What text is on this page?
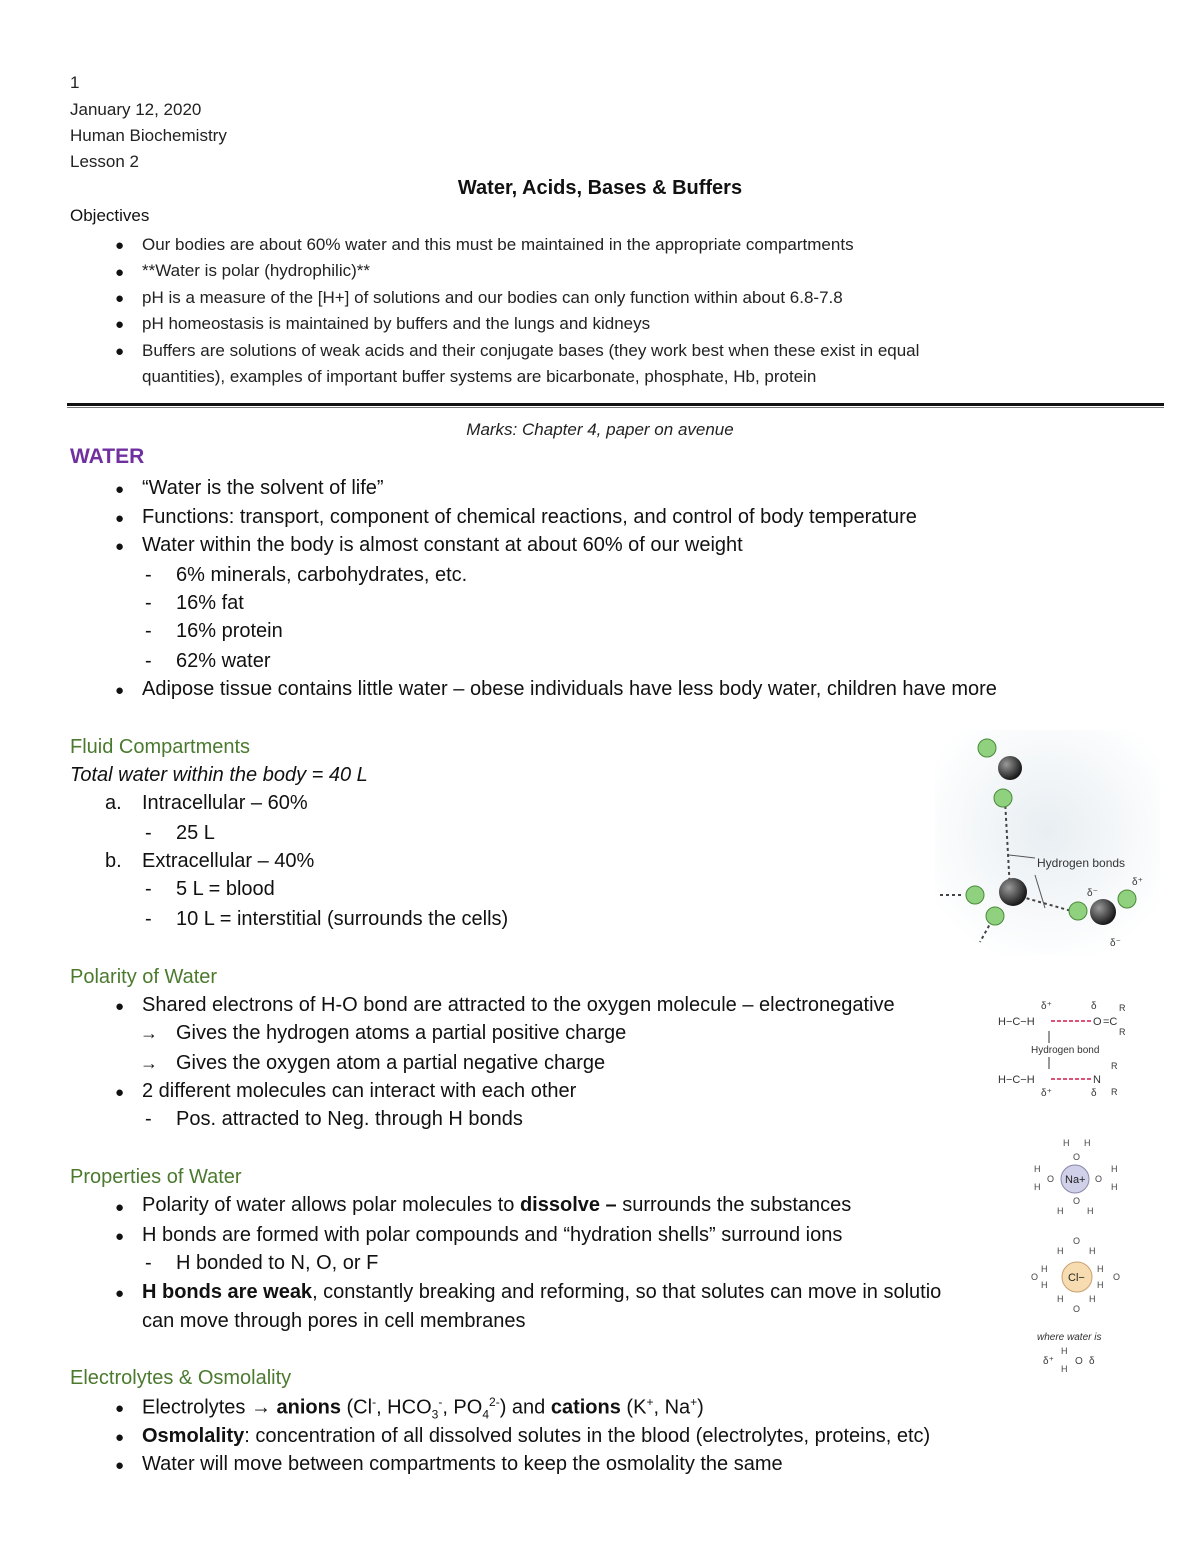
1
January 12, 2020
Human Biochemistry
Lesson 2
Water, Acids, Bases & Buffers
Objectives
●	Our bodies are about 60% water and this must be maintained in the appropriate compartments
●	**Water is polar (hydrophilic)**
●	pH is a measure of the [H+] of solutions and our bodies can only function within about 6.8-7.8
●	pH homeostasis is maintained by buffers and the lungs and kidneys
●	Buffers are solutions of weak acids and their conjugate bases (they work best when these exist in equal
quantities), examples of important buffer systems are bicarbonate, phosphate, Hb, protein
Marks: Chapter 4, paper on avenue
WATER
● “Water is the solvent of life”
● Functions: transport, component of chemical reactions, and control of body temperature
● Water within the body is almost constant at about 60% of our weight
-	6% minerals, carbohydrates, etc.
-	16% fat
-	16% protein
-	62% water
● Adipose tissue contains little water – obese individuals have less body water, children have more
Fluid Compartments
Total water within the body = 40 L
a. Intracellular – 60%
-	25 L
b. Extracellular – 40%
-	5 L = blood
-	10 L = interstitial (surrounds the cells)
Polarity of Water
● Shared electrons of H-O bond are attracted to the oxygen molecule – electronegative
→ Gives the hydrogen atoms a partial positive charge
→ Gives the oxygen atom a partial negative charge
● 2 different molecules can interact with each other
-	Pos. attracted to Neg. through H bonds
Properties of Water
● Polarity of water allows polar molecules to dissolve – surrounds the substances
● H bonds are formed with polar compounds and “hydration shells” surround ions
-	H bonded to N, O, or F
● H bonds are weak, constantly breaking and reforming, so that solutes can move in solutio
can move through pores in cell membranes
Electrolytes & Osmolality
● Electrolytes → anions (Cl-, $HCO_3^-$, $PO_4^{2-}$) and cations (K+, Na+)
● Osmolality: concentration of all dissolved solutes in the blood (electrolytes, proteins, etc)
● Water will move between compartments to keep the osmolality the same
Hydrogen bonds
δ⁻
δ⁺
δ⁻
H−C−H	O =C
δ⁺	δ R
R
Hydrogen bond
H−C−H	N
δ⁺	δ
R
R
Na+
H H
O
H
H
O	O
H
H
O
H	H
Cl−
O
H	H
O
H
H
H
H
O
H	H
O
where water is
δ⁺
H
H
O δ
